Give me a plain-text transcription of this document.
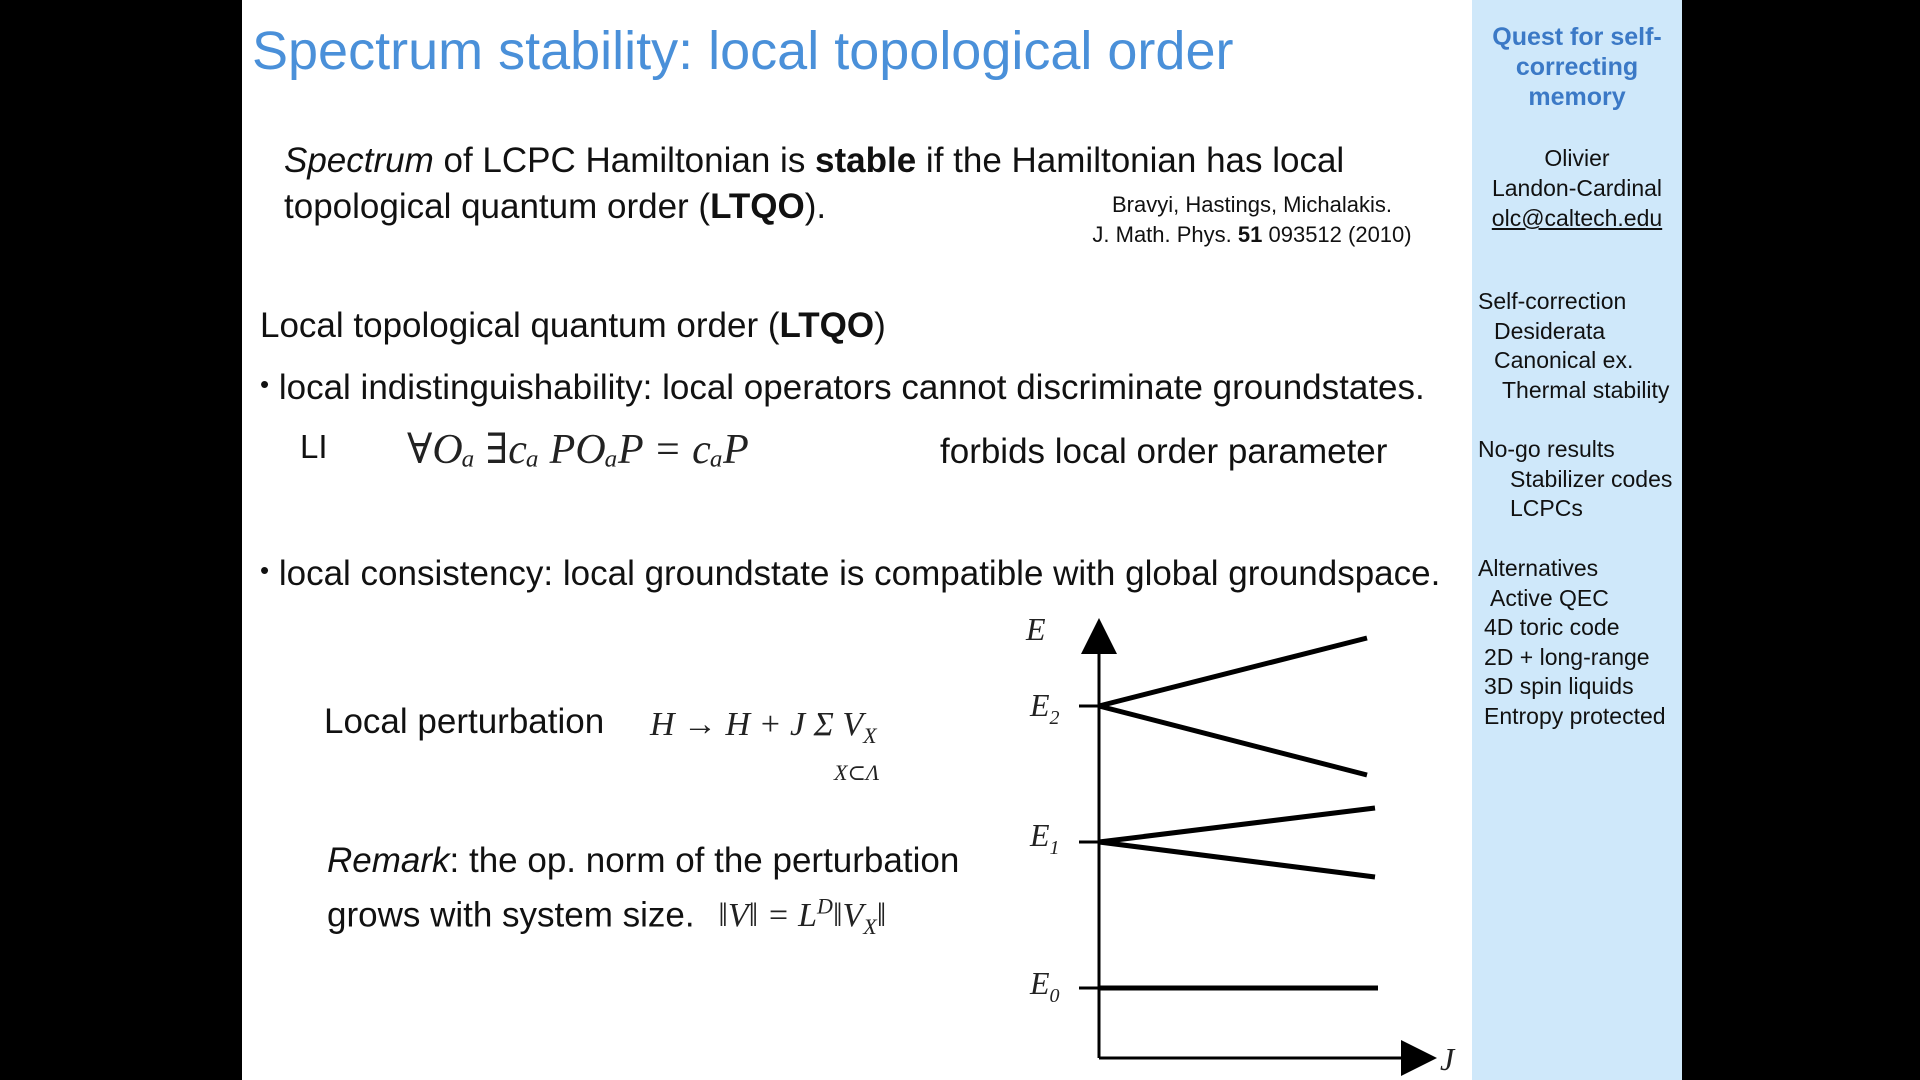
Spectrum stability: local topological order
Spectrum of LCPC Hamiltonian is stable if the Hamiltonian has local
topological quantum order (LTQO).	Bravyi, Hastings, Michalakis.
J. Math. Phys. 51 093512 (2010)
Local topological quantum order (LTQO)
• local indistinguishability: local operators cannot discriminate groundstates.
LI ∀Oₐ ∃cₐ POₐP = cₐP	forbids local order parameter
• local consistency: local groundstate is compatible with global groundspace.
Local perturbation H → H + J Σ $V_X$
X⊂Λ
Remark: the op. norm of the perturbation
grows with system size. ‖V‖ = $L^D‖V_X‖$
E
J
$E_2$
$E_1$
$E_0$
Quest for self-correcting memory
Olivier
Landon-Cardinal
olc@caltech.edu
Self-correction
Desiderata
Canonical ex.
Thermal stability
No-go results
Stabilizer codes
LCPCs
Alternatives
Active QEC
4D toric code
2D + long-range
3D spin liquids
Entropy protected
